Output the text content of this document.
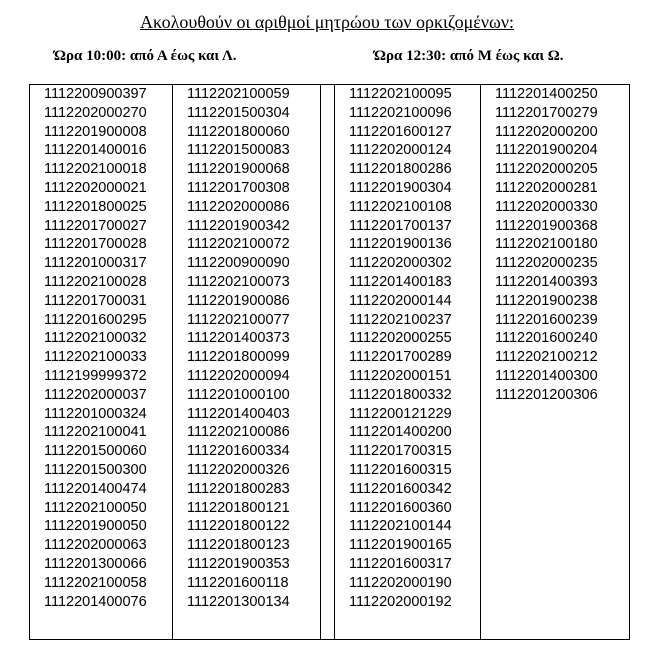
Ακολουθούν οι αριθμοί μητρώου των ορκιζομένων:

Ώρα 10:00: από Α έως και Λ.	Ώρα 12:30: από Μ έως και Ω.

1112200900397
1112202000270
1112201900008
1112201400016
1112202100018
1112202000021
1112201800025
1112201700027
1112201700028
1112201000317
1112202100028
1112201700031
1112201600295
1112202100032
1112202100033
1112199999372
1112202000037
1112201000324
1112202100041
1112201500060
1112201500300
1112201400474
1112202100050
1112201900050
1112202000063
1112201300066
1112202100058
1112201400076

1112202100059
1112201500304
1112201800060
1112201500083
1112201900068
1112201700308
1112202000086
1112201900342
1112202100072
1112200900090
1112202100073
1112201900086
1112202100077
1112201400373
1112201800099
1112202000094
1112201000100
1112201400403
1112202100086
1112201600334
1112202000326
1112201800283
1112201800121
1112201800122
1112201800123
1112201900353
1112201600118
1112201300134

1112202100095
1112202100096
1112201600127
1112202000124
1112201800286
1112201900304
1112202100108
1112201700137
1112201900136
1112202000302
1112201400183
1112202000144
1112202100237
1112202000255
1112201700289
1112202000151
1112201800332
1112200121229
1112201400200
1112201700315
1112201600315
1112201600342
1112201600360
1112202100144
1112201900165
1112201600317
1112202000190
1112202000192

1112201400250
1112201700279
1112202000200
1112201900204
1112202000205
1112202000281
1112202000330
1112201900368
1112202100180
1112202000235
1112201400393
1112201900238
1112201600239
1112201600240
1112202100212
1112201400300
1112201200306
